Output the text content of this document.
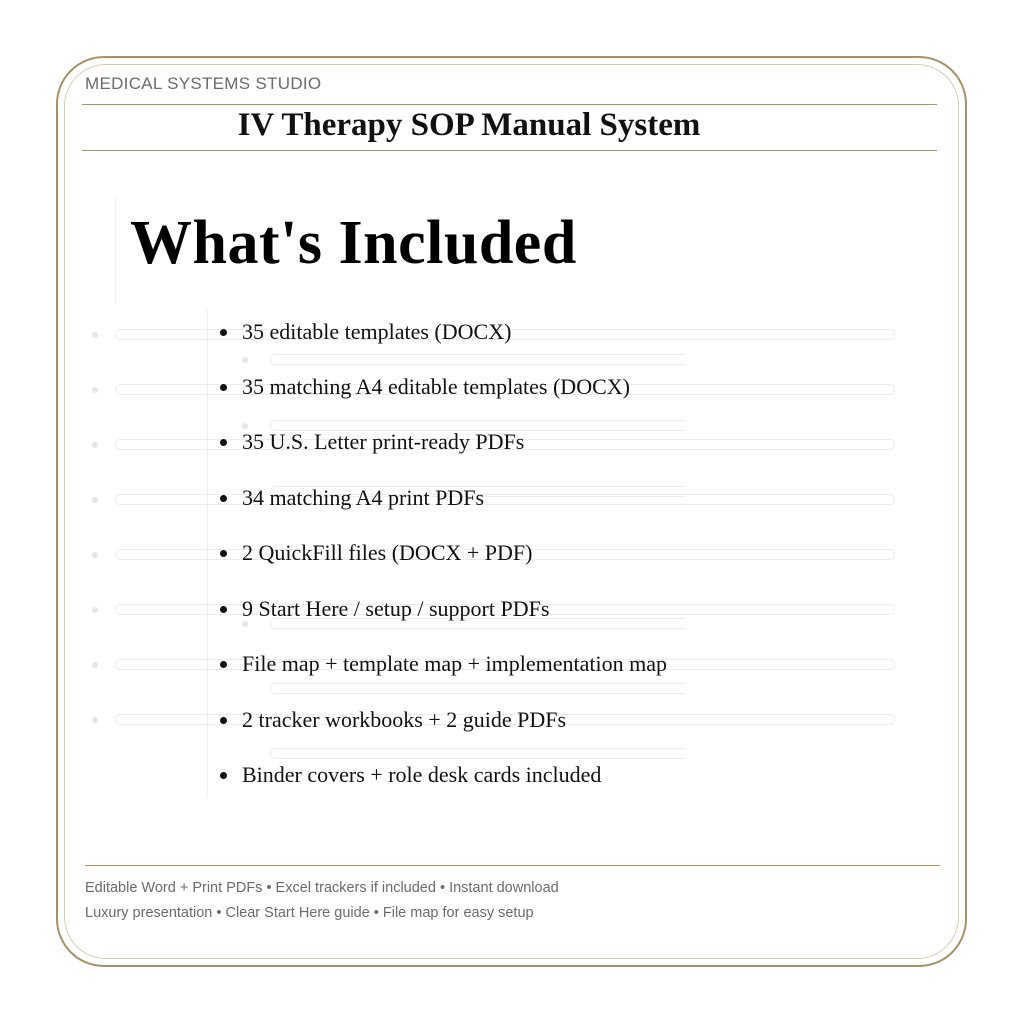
MEDICAL SYSTEMS STUDIO
IV Therapy SOP Manual System
What's Included
35 editable templates (DOCX)
35 matching A4 editable templates (DOCX)
35 U.S. Letter print-ready PDFs
34 matching A4 print PDFs
2 QuickFill files (DOCX + PDF)
9 Start Here / setup / support PDFs
File map + template map + implementation map
2 tracker workbooks + 2 guide PDFs
Binder covers + role desk cards included
Editable Word + Print PDFs • Excel trackers if included • Instant download
Luxury presentation • Clear Start Here guide • File map for easy setup
